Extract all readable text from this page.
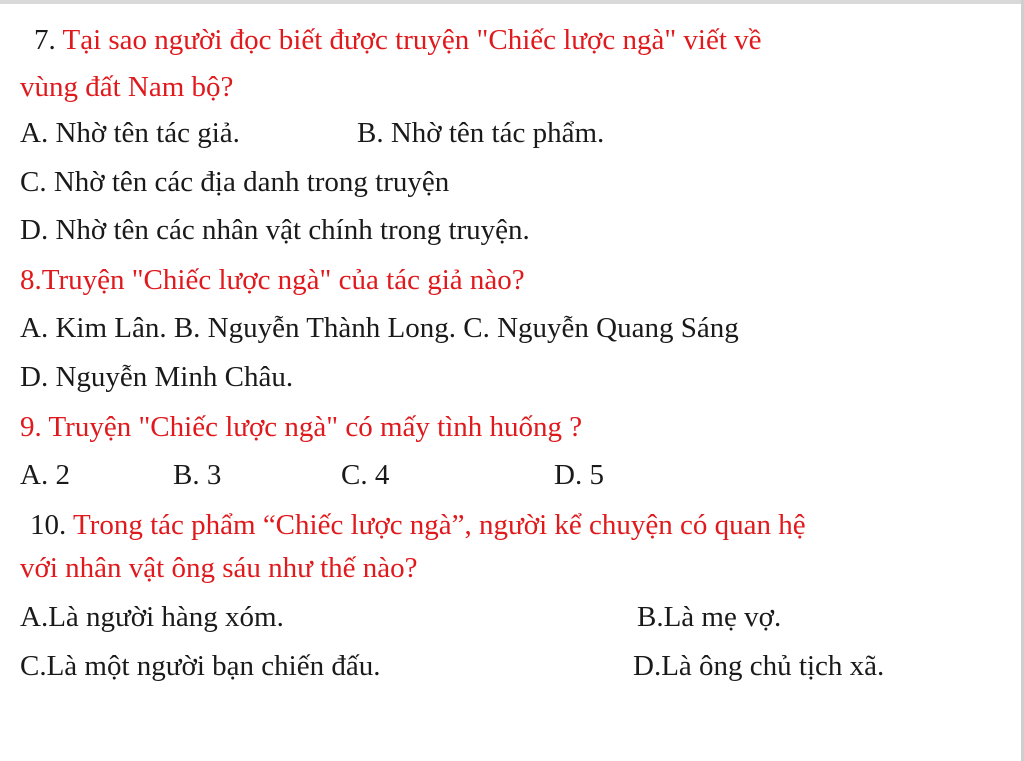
7. Tại sao người đọc biết được truyện "Chiếc lược ngà" viết về
vùng đất Nam bộ?
A. Nhờ tên tác giả.	B. Nhờ tên tác phẩm.
C. Nhờ tên các địa danh trong truyện
D. Nhờ tên các nhân vật chính trong truyện.
8.Truyện "Chiếc lược ngà" của tác giả nào?
A. Kim Lân. B. Nguyễn Thành Long. C. Nguyễn Quang Sáng
D. Nguyễn Minh Châu.
9. Truyện "Chiếc lược ngà" có mấy tình huống ?
A. 2	B. 3	C. 4	D. 5
10. Trong tác phẩm “Chiếc lược ngà”, người kể chuyện có quan hệ
với nhân vật ông sáu như thế nào?
A.Là người hàng xóm.	B.Là mẹ vợ.
C.Là một người bạn chiến đấu.	D.Là ông chủ tịch xã.
